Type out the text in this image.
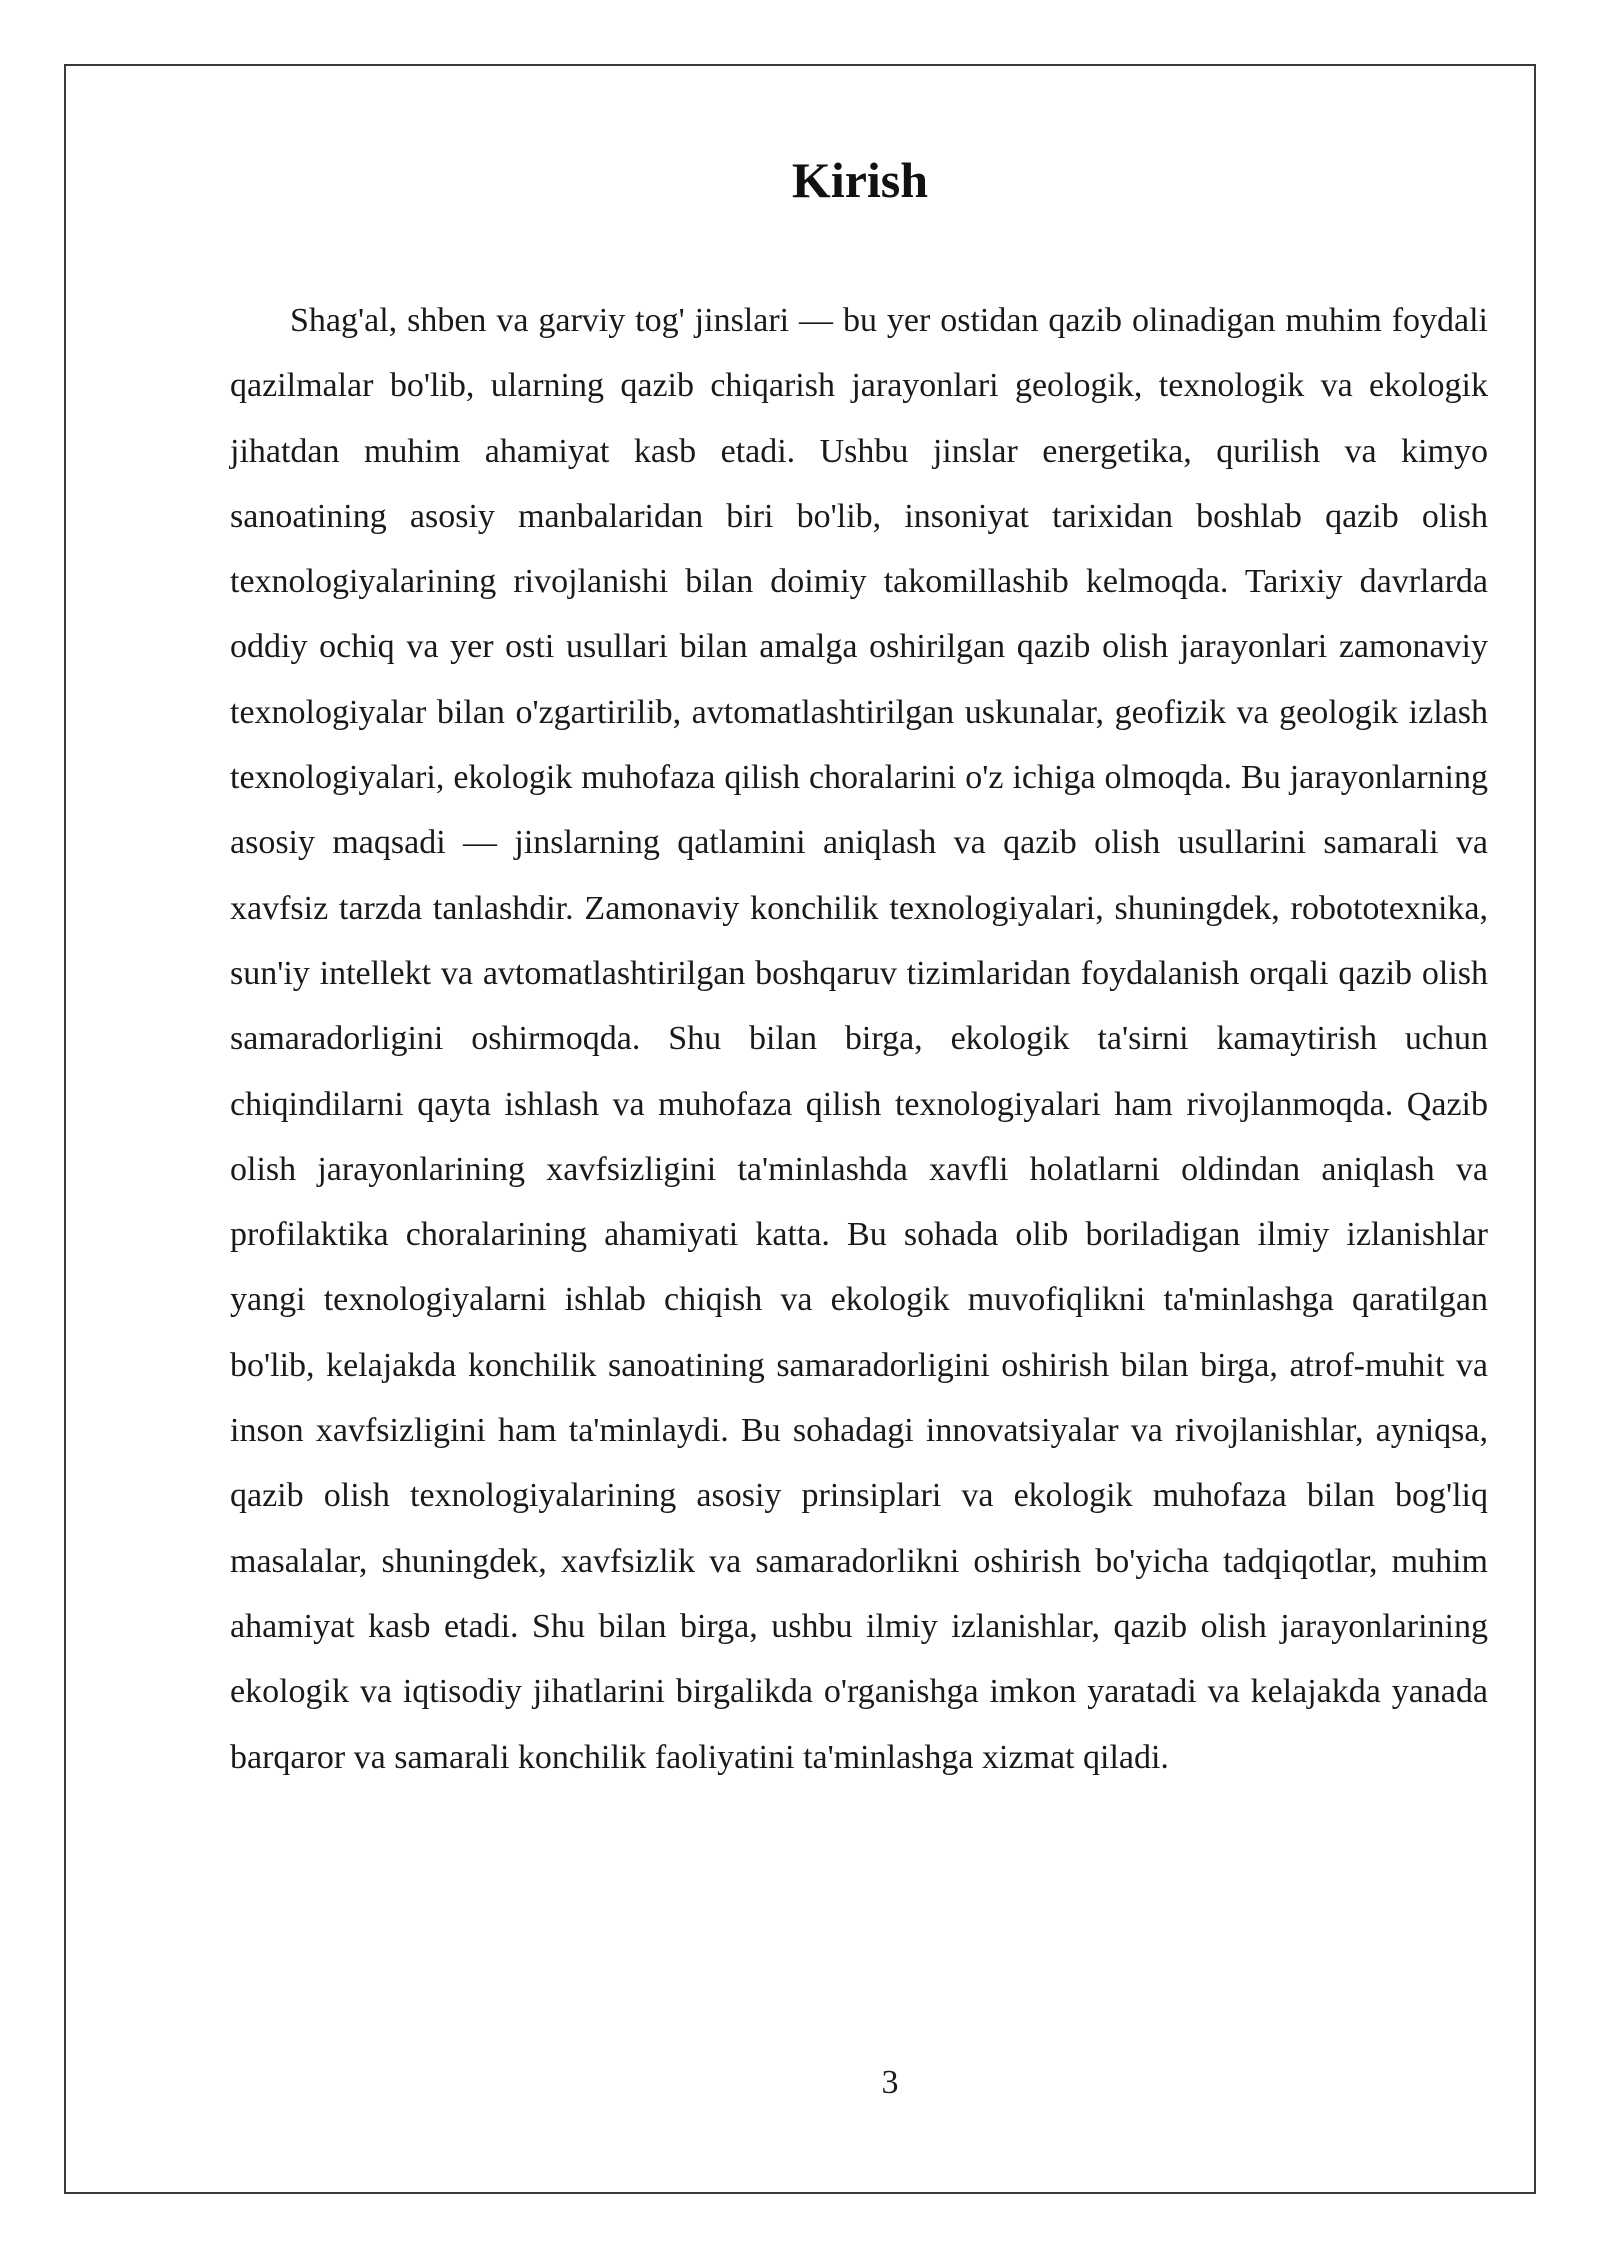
Kirish

Shag'al, shben va garviy tog' jinslari — bu yer ostidan qazib olinadigan muhim foydali qazilmalar bo'lib, ularning qazib chiqarish jarayonlari geologik, texnologik va ekologik jihatdan muhim ahamiyat kasb etadi. Ushbu jinslar energetika, qurilish va kimyo sanoatining asosiy manbalaridan biri bo'lib, insoniyat tarixidan boshlab qazib olish texnologiyalarining rivojlanishi bilan doimiy takomillashib kelmoqda. Tarixiy davrlarda oddiy ochiq va yer osti usullari bilan amalga oshirilgan qazib olish jarayonlari zamonaviy texnologiyalar bilan o'zgartirilib, avtomatlashtirilgan uskunalar, geofizik va geologik izlash texnologiyalari, ekologik muhofaza qilish choralarini o'z ichiga olmoqda. Bu jarayonlarning asosiy maqsadi — jinslarning qatlamini aniqlash va qazib olish usullarini samarali va xavfsiz tarzda tanlashdir. Zamonaviy konchilik texnologiyalari, shuningdek, robototexnika, sun'iy intellekt va avtomatlashtirilgan boshqaruv tizimlaridan foydalanish orqali qazib olish samaradorligini oshirmoqda. Shu bilan birga, ekologik ta'sirni kamaytirish uchun chiqindilarni qayta ishlash va muhofaza qilish texnologiyalari ham rivojlanmoqda. Qazib olish jarayonlarining xavfsizligini ta'minlashda xavfli holatlarni oldindan aniqlash va profilaktika choralarining ahamiyati katta. Bu sohada olib boriladigan ilmiy izlanishlar yangi texnologiyalarni ishlab chiqish va ekologik muvofiqlikni ta'minlashga qaratilgan bo'lib, kelajakda konchilik sanoatining samaradorligini oshirish bilan birga, atrof-muhit va inson xavfsizligini ham ta'minlaydi. Bu sohadagi innovatsiyalar va rivojlanishlar, ayniqsa, qazib olish texnologiyalarining asosiy prinsiplari va ekologik muhofaza bilan bog'liq masalalar, shuningdek, xavfsizlik va samaradorlikni oshirish bo'yicha tadqiqotlar, muhim ahamiyat kasb etadi. Shu bilan birga, ushbu ilmiy izlanishlar, qazib olish jarayonlarining ekologik va iqtisodiy jihatlarini birgalikda o'rganishga imkon yaratadi va kelajakda yanada barqaror va samarali konchilik faoliyatini ta'minlashga xizmat qiladi.

3
